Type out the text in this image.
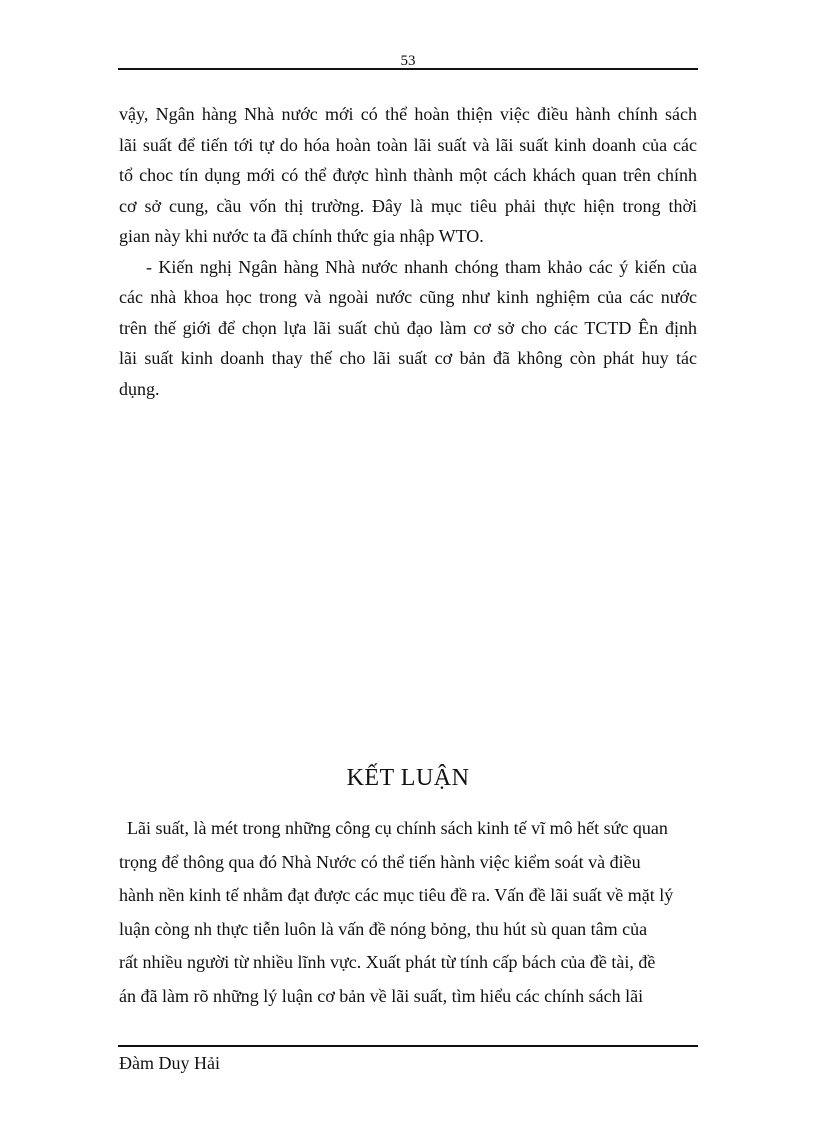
53
vậy, Ngân hàng Nhà nước mới có thể hoàn thiện việc điều hành chính sách
lãi suất để tiến tới tự do hóa hoàn toàn lãi suất và lãi suất kinh doanh của các
tổ choc tín dụng mới có thể được hình thành một cách khách quan trên chính
cơ sở cung, cầu vốn thị trường. Đây là mục tiêu phải thực hiện trong thời
gian này khi nước ta đã chính thức gia nhập WTO.
- Kiến nghị Ngân hàng Nhà nước nhanh chóng tham khảo các ý kiến của
các nhà khoa học trong và ngoài nước cũng như kinh nghiệm của các nước
trên thế giới để chọn lựa lãi suất chủ đạo làm cơ sở cho các TCTD Ên định
lãi suất kinh doanh thay thế cho lãi suất cơ bản đã không còn phát huy tác
dụng.
KẾT LUẬN
Lãi suất, là mét trong những công cụ chính sách kinh tế vĩ mô hết sức quan
trọng để thông qua đó Nhà Nước có thể tiến hành việc kiểm soát và điều
hành nền kinh tế nhằm đạt được các mục tiêu đề ra. Vấn đề lãi suất về mặt lý
luận còng nh thực tiễn luôn là vấn đề nóng bỏng, thu hút sù quan tâm của
rất nhiều người từ nhiều lĩnh vực. Xuất phát từ tính cấp bách của đề tài, đề
án đã làm rõ những lý luận cơ bản về lãi suất, tìm hiểu các chính sách lãi
Đàm Duy Hải
